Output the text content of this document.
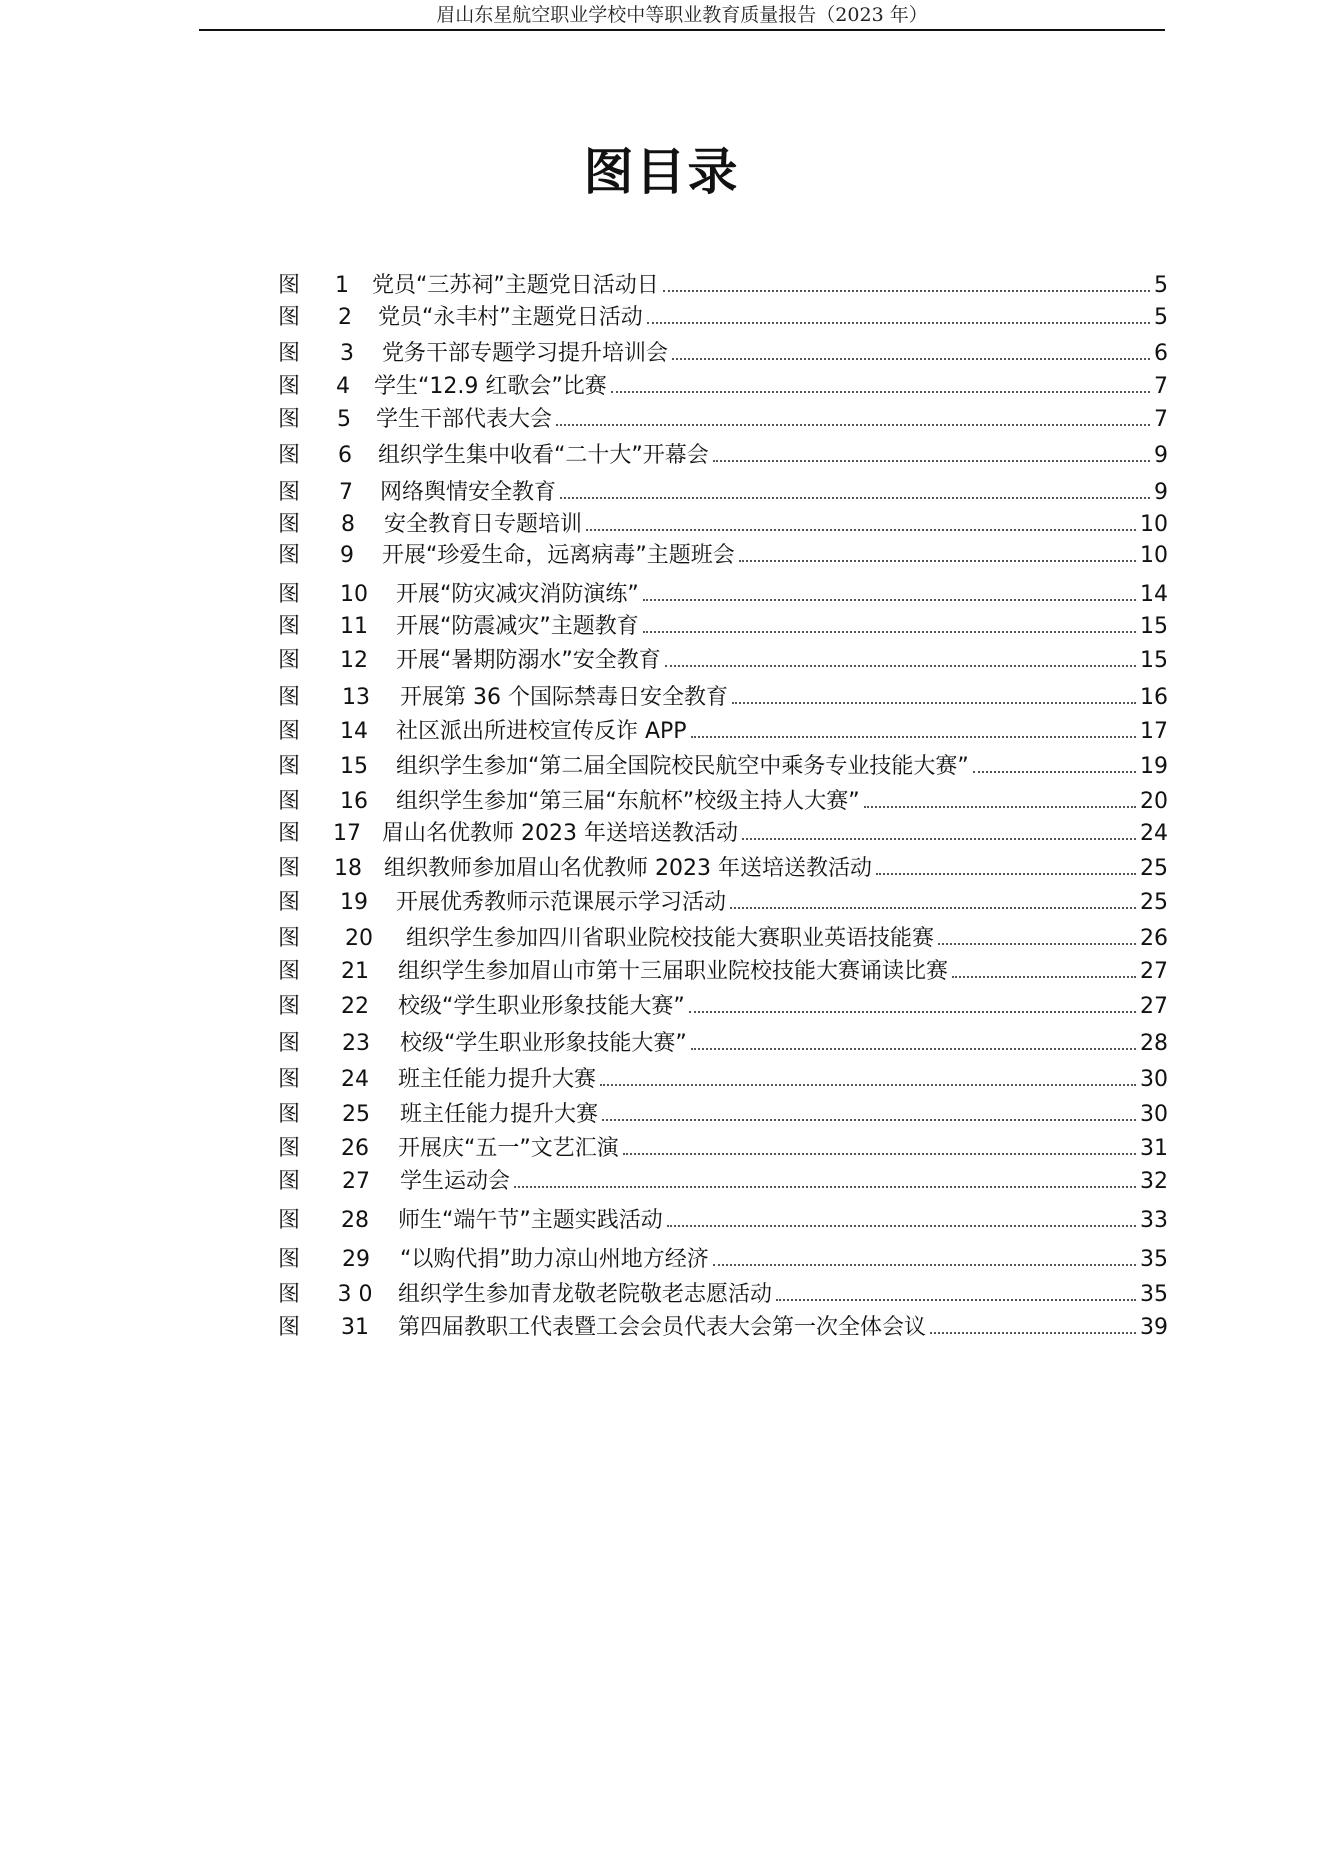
眉山东星航空职业学校中等职业教育质量报告（2023 年）
图目录
图	1	党员“三苏祠”主题党日活动日	5
图	2	党员“永丰村”主题党日活动	5
图	3	党务干部专题学习提升培训会	6
图	4	学生“12.9 红歌会”比赛	7
图	5	学生干部代表大会	7
图	6	组织学生集中收看“二十大”开幕会	9
图	7	网络舆情安全教育	9
图	8	安全教育日专题培训	10
图	9	开展“珍爱生命，远离病毒”主题班会	10
图	10	开展“防灾减灾消防演练”	14
图	11	开展“防震减灾”主题教育	15
图	12	开展“暑期防溺水”安全教育	15
图	13	开展第 36 个国际禁毒日安全教育	16
图	14	社区派出所进校宣传反诈 APP	17
图	15	组织学生参加“第二届全国院校民航空中乘务专业技能大赛”	19
图	16	组织学生参加“第三届“东航杯”校级主持人大赛”	20
图	17 眉山名优教师 2023 年送培送教活动	24
图	18	组织教师参加眉山名优教师 2023 年送培送教活动	25
图	19	开展优秀教师示范课展示学习活动	25
图	20	组织学生参加四川省职业院校技能大赛职业英语技能赛	26
图	21	组织学生参加眉山市第十三届职业院校技能大赛诵读比赛	27
图	22	校级“学生职业形象技能大赛”	27
图	23	校级“学生职业形象技能大赛”	28
图	24	班主任能力提升大赛	30
图	25	班主任能力提升大赛	30
图	26	开展庆“五一”文艺汇演	31
图	27	学生运动会	32
图	28	师生“端午节”主题实践活动	33
图	29	“以购代捐”助力凉山州地方经济	35
图	3 0	组织学生参加青龙敬老院敬老志愿活动	35
图	31	第四届教职工代表暨工会会员代表大会第一次全体会议	39
